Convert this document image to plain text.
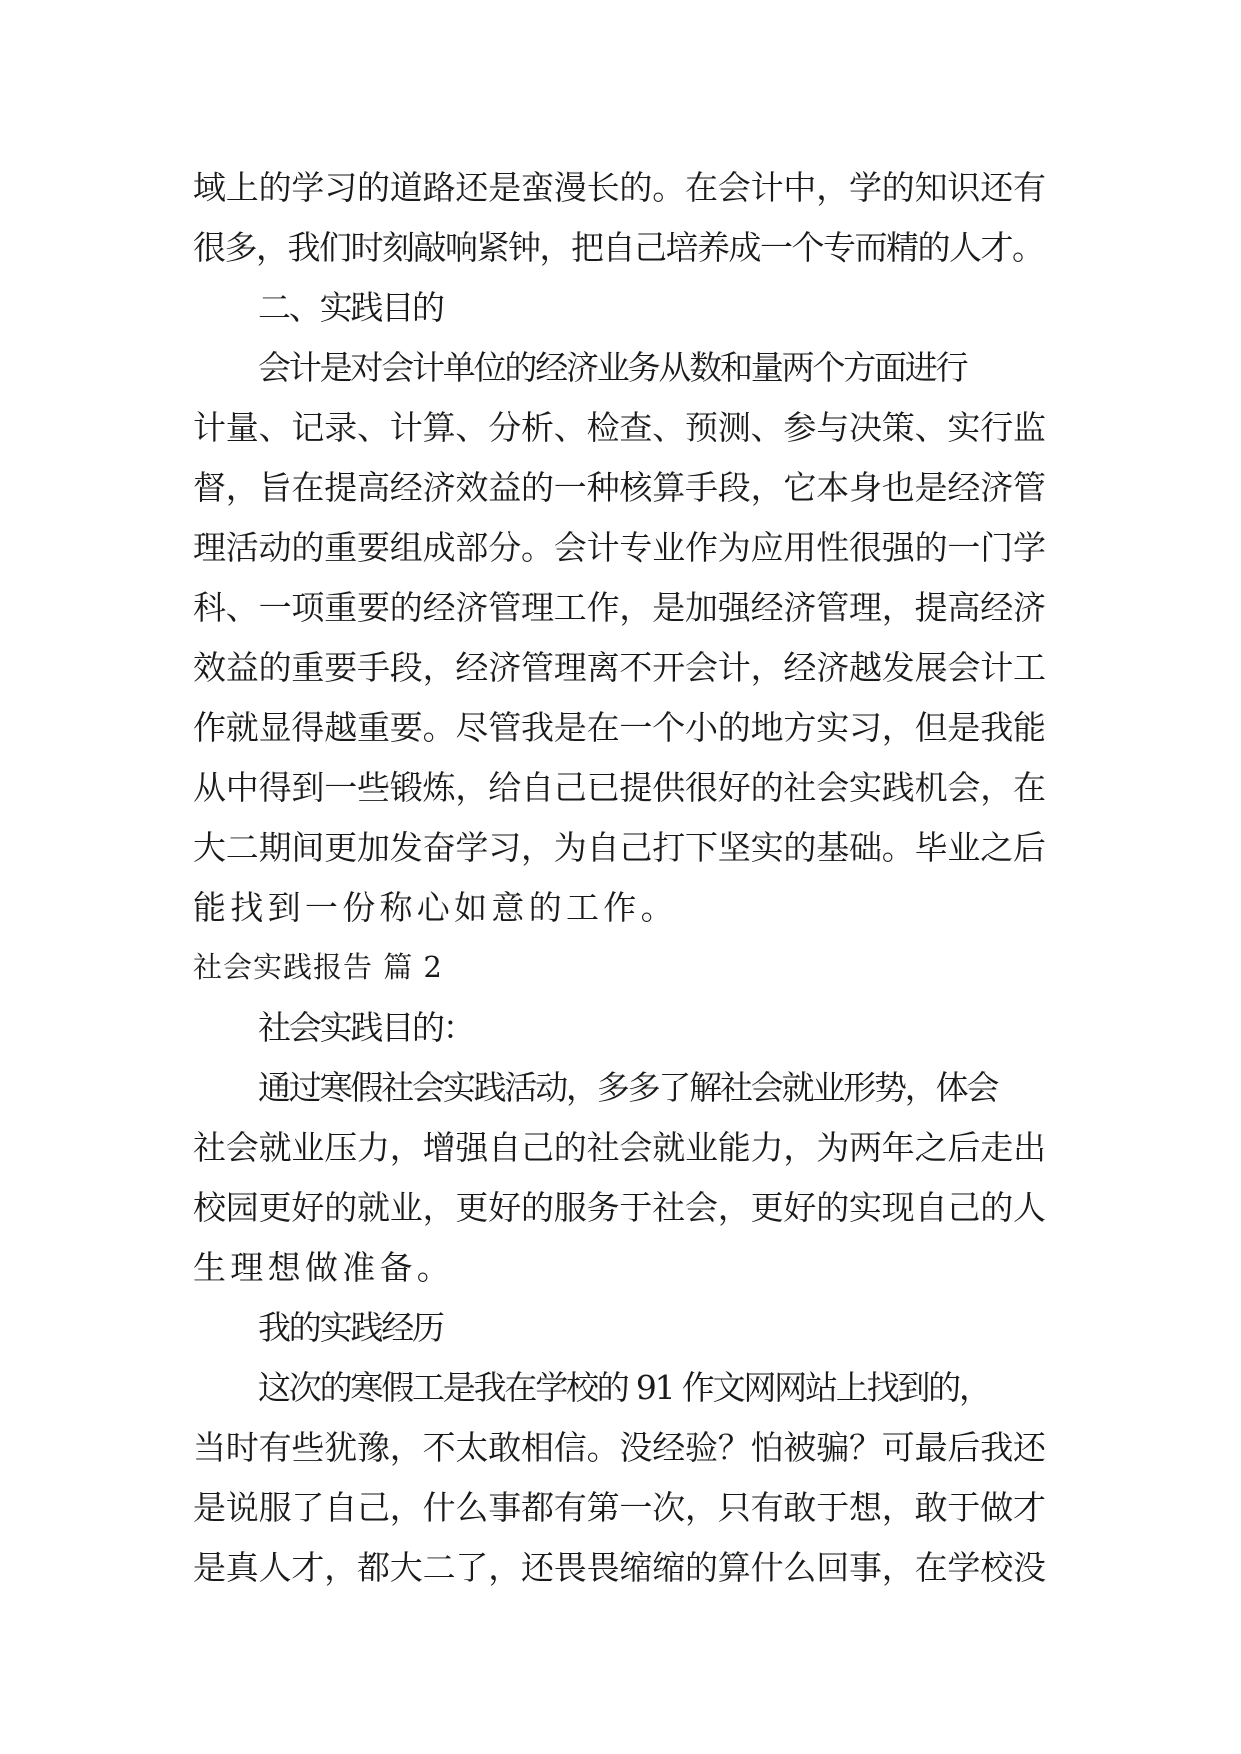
域上的学习的道路还是蛮漫长的。在会计中，学的知识还有
很多，我们时刻敲响紧钟，把自己培养成一个专而精的人才。
二、实践目的
会计是对会计单位的经济业务从数和量两个方面进行
计量、记录、计算、分析、检查、预测、参与决策、实行监
督，旨在提高经济效益的一种核算手段，它本身也是经济管
理活动的重要组成部分。会计专业作为应用性很强的一门学
科、一项重要的经济管理工作，是加强经济管理，提高经济
效益的重要手段，经济管理离不开会计，经济越发展会计工
作就显得越重要。尽管我是在一个小的地方实习，但是我能
从中得到一些锻炼，给自己已提供很好的社会实践机会，在
大二期间更加发奋学习，为自己打下坚实的基础。毕业之后
能找到一份称心如意的工作。
社会实践报告 篇 2
社会实践目的：
通过寒假社会实践活动，多多了解社会就业形势，体会
社会就业压力，增强自己的社会就业能力，为两年之后走出
校园更好的就业，更好的服务于社会，更好的实现自己的人
生理想做准备。
我的实践经历
这次的寒假工是我在学校的 91 作文网网站上找到的，
当时有些犹豫，不太敢相信。没经验？怕被骗？可最后我还
是说服了自己，什么事都有第一次，只有敢于想，敢于做才
是真人才，都大二了，还畏畏缩缩的算什么回事，在学校没
